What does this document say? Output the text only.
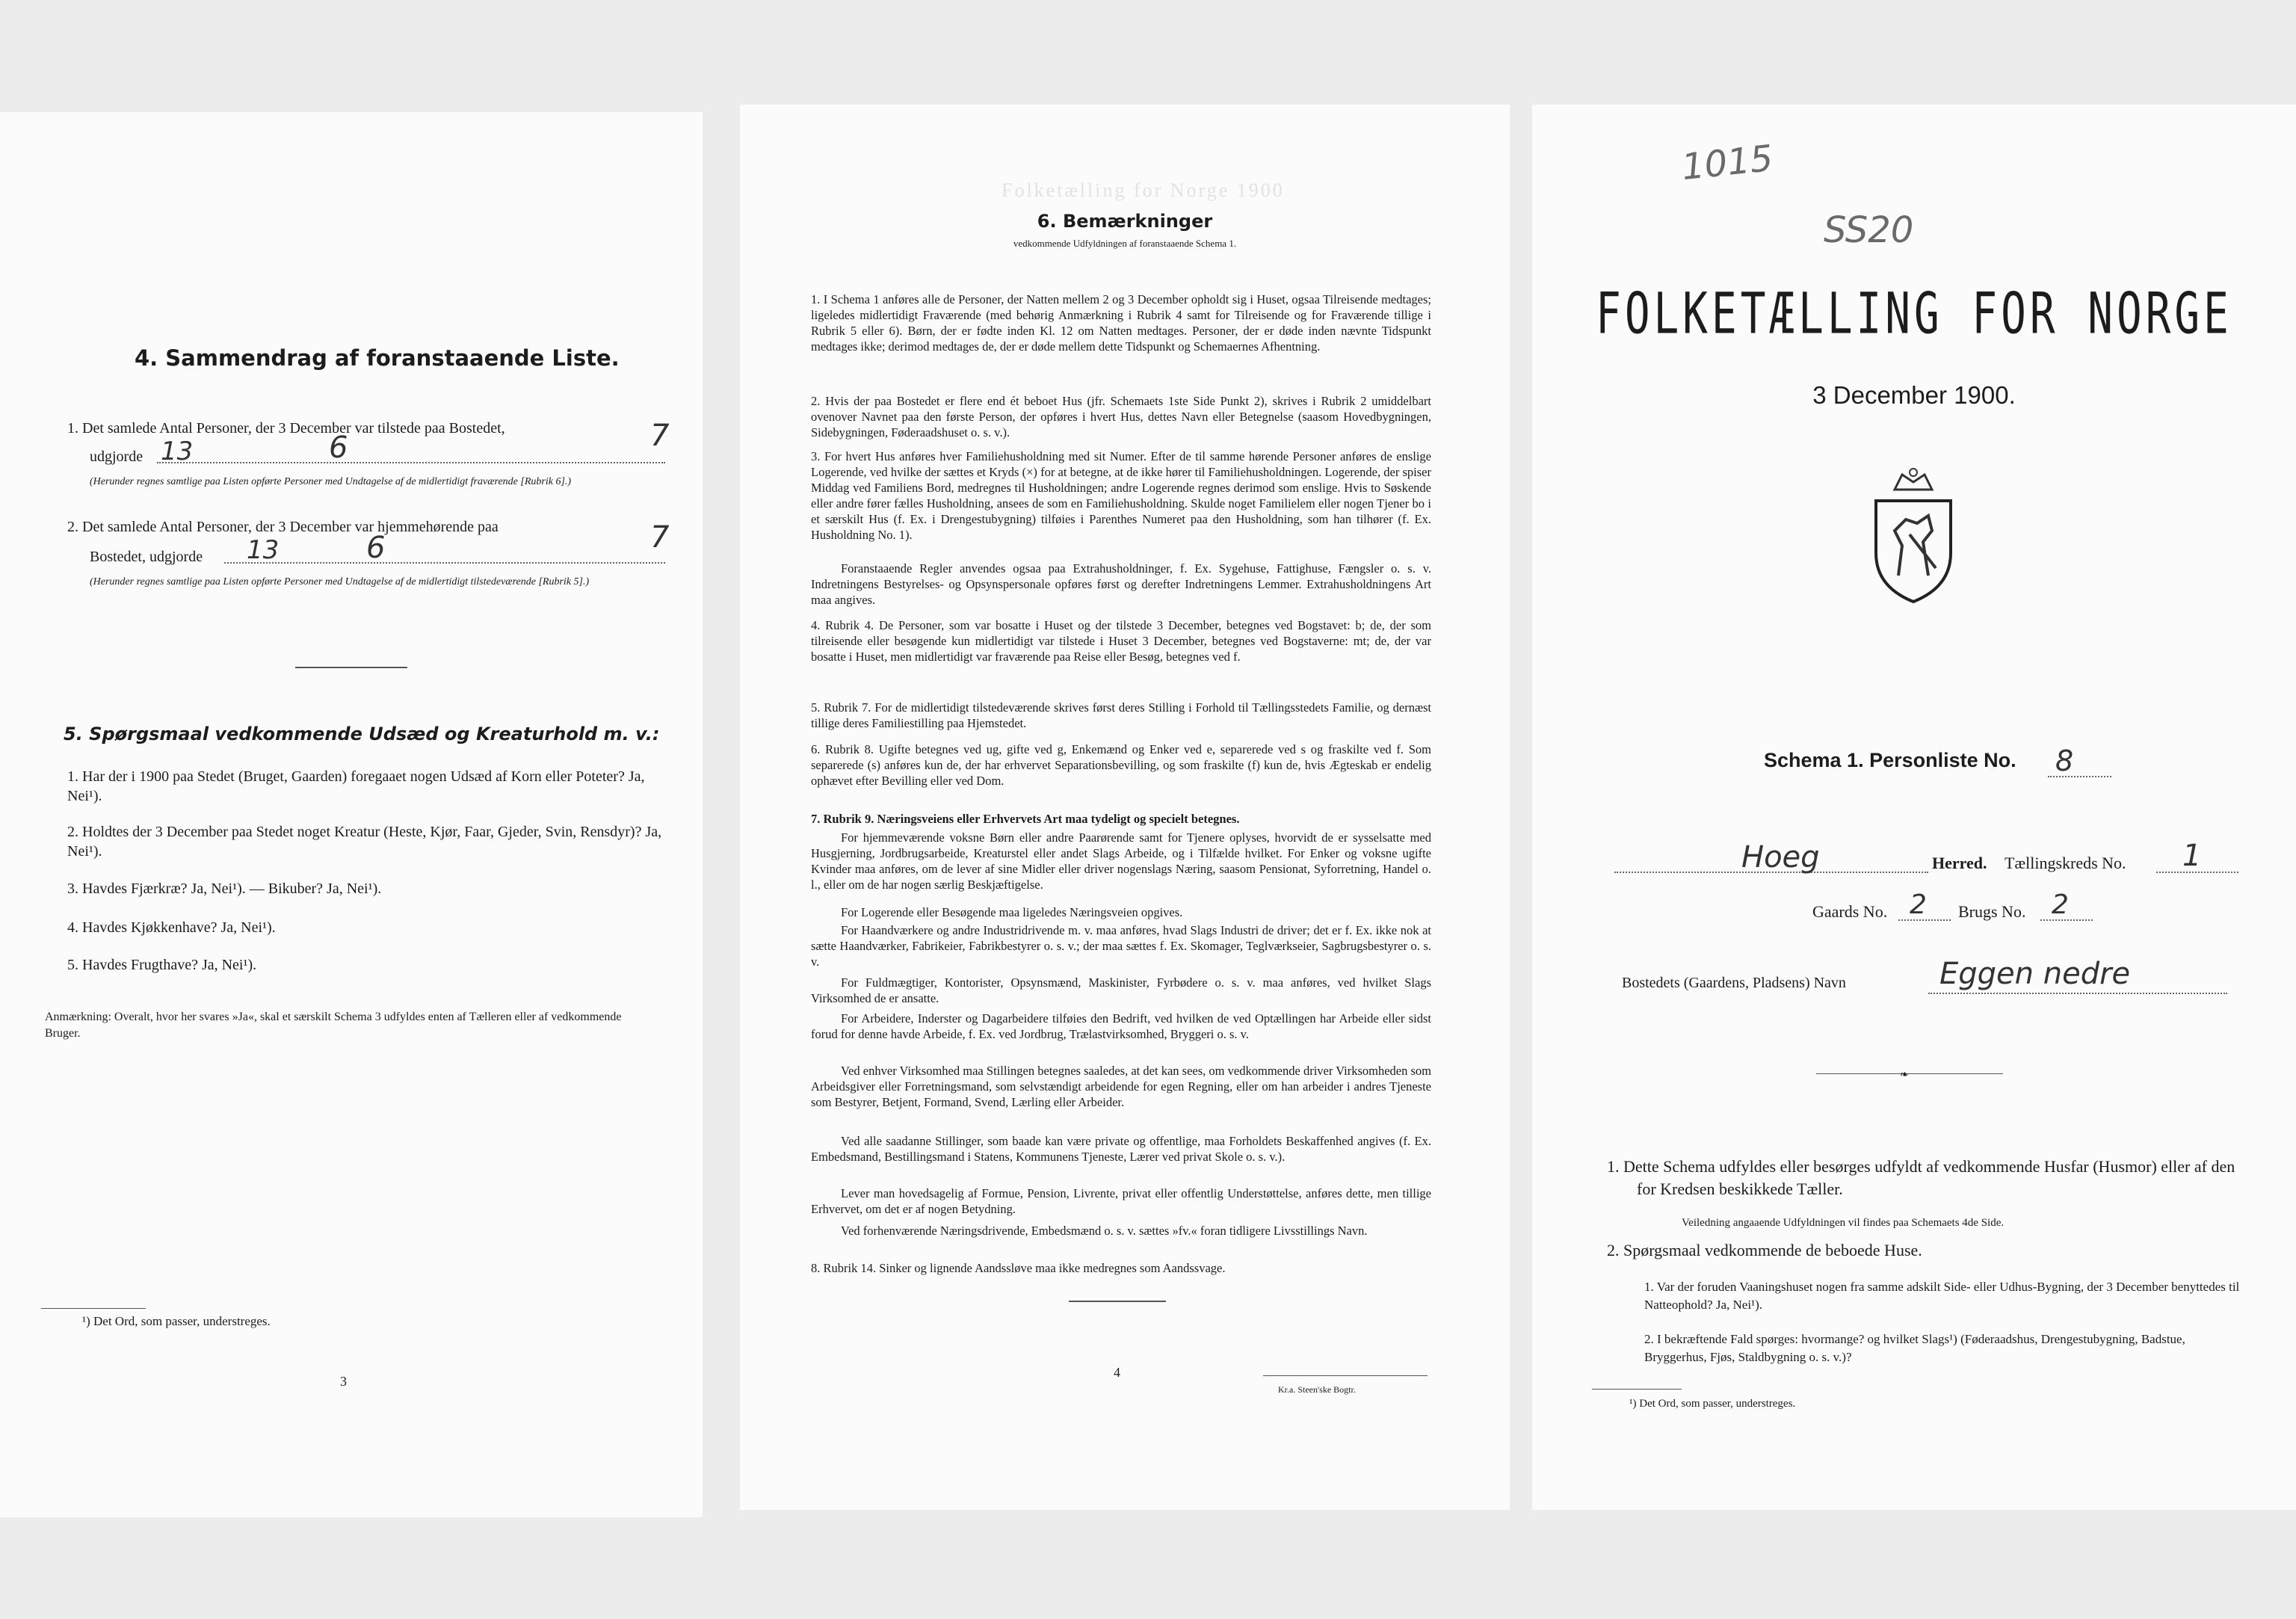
4. Sammendrag af foranstaaende Liste.
1. Det samlede Antal Personer, der 3 December var tilstede paa Bostedet,
udgjorde 13	6	7
(Herunder regnes samtlige paa Listen opførte Personer med Undtagelse af de midlertidigt fraværende [Rubrik 6].)
2. Det samlede Antal Personer, der 3 December var hjemmehørende paa
Bostedet, udgjorde 13	6	7
(Herunder regnes samtlige paa Listen opførte Personer med Undtagelse af de midlertidigt tilstedeværende [Rubrik 5].)
5. Spørgsmaal vedkommende Udsæd og Kreaturhold m. v.:
1. Har der i 1900 paa Stedet (Bruget, Gaarden) foregaaet nogen Udsæd af Korn eller Poteter? Ja, Nei¹).
2. Holdtes der 3 December paa Stedet noget Kreatur (Heste, Kjør, Faar, Gjeder, Svin, Rensdyr)? Ja, Nei¹).
3. Havdes Fjærkræ? Ja, Nei¹). — Bikuber? Ja, Nei¹).
4. Havdes Kjøkkenhave? Ja, Nei¹).
5. Havdes Frugthave? Ja, Nei¹).
Anmærkning: Overalt, hvor her svares »Ja«, skal et særskilt Schema 3 udfyldes enten af Tælleren eller af vedkommende Bruger.
¹) Det Ord, som passer, understreges.
3
Folketælling for Norge 1900
6. Bemærkninger
vedkommende Udfyldningen af foranstaaende Schema 1.
1. I Schema 1 anføres alle de Personer, der Natten mellem 2 og 3 December opholdt sig i Huset, ogsaa Tilreisende medtages; ligeledes midlertidigt Fraværende (med behørig Anmærkning i Rubrik 4 samt for Tilreisende og for Fraværende tillige i Rubrik 5 eller 6). Børn, der er fødte inden Kl. 12 om Natten medtages. Personer, der er døde inden nævnte Tidspunkt medtages ikke; derimod medtages de, der er døde mellem dette Tidspunkt og Schemaernes Afhentning.
2. Hvis der paa Bostedet er flere end ét beboet Hus (jfr. Schemaets 1ste Side Punkt 2), skrives i Rubrik 2 umiddelbart ovenover Navnet paa den første Person, der opføres i hvert Hus, dettes Navn eller Betegnelse (saasom Hovedbygningen, Sidebygningen, Føderaadshuset o. s. v.).
3. For hvert Hus anføres hver Familiehusholdning med sit Numer. Efter de til samme hørende Personer anføres de enslige Logerende, ved hvilke der sættes et Kryds (×) for at betegne, at de ikke hører til Familiehusholdningen. Logerende, der spiser Middag ved Familiens Bord, medregnes til Husholdningen; andre Logerende regnes derimod som enslige. Hvis to Søskende eller andre fører fælles Husholdning, ansees de som en Familiehusholdning. Skulde noget Familielem eller nogen Tjener bo i et særskilt Hus (f. Ex. i Drengestubygning) tilføies i Parenthes Numeret paa den Husholdning, som han tilhører (f. Ex. Husholdning No. 1).
Foranstaaende Regler anvendes ogsaa paa Extrahusholdninger, f. Ex. Sygehuse, Fattighuse, Fængsler o. s. v. Indretningens Bestyrelses- og Opsynspersonale opføres først og derefter Indretningens Lemmer. Extrahusholdningens Art maa angives.
4. Rubrik 4. De Personer, som var bosatte i Huset og der tilstede 3 December, betegnes ved Bogstavet: b; de, der som tilreisende eller besøgende kun midlertidigt var tilstede i Huset 3 December, betegnes ved Bogstaverne: mt; de, der var bosatte i Huset, men midlertidigt var fraværende paa Reise eller Besøg, betegnes ved f.
5. Rubrik 7. For de midlertidigt tilstedeværende skrives først deres Stilling i Forhold til Tællingsstedets Familie, og dernæst tillige deres Familiestilling paa Hjemstedet.
6. Rubrik 8. Ugifte betegnes ved ug, gifte ved g, Enkemænd og Enker ved e, separerede ved s og fraskilte ved f. Som separerede (s) anføres kun de, der har erhvervet Separationsbevilling, og som fraskilte (f) kun de, hvis Ægteskab er endelig ophævet efter Bevilling eller ved Dom.
7. Rubrik 9. Næringsveiens eller Erhvervets Art maa tydeligt og specielt betegnes.
For hjemmeværende voksne Børn eller andre Paarørende samt for Tjenere oplyses, hvorvidt de er sysselsatte med Husgjerning, Jordbrugsarbeide, Kreaturstel eller andet Slags Arbeide, og i Tilfælde hvilket. For Enker og voksne ugifte Kvinder maa anføres, om de lever af sine Midler eller driver nogenslags Næring, saasom Pensionat, Syforretning, Handel o. l., eller om de har nogen særlig Beskjæftigelse.
For Logerende eller Besøgende maa ligeledes Næringsveien opgives.
For Haandværkere og andre Industridrivende m. v. maa anføres, hvad Slags Industri de driver; det er f. Ex. ikke nok at sætte Haandværker, Fabrikeier, Fabrikbestyrer o. s. v.; der maa sættes f. Ex. Skomager, Teglværkseier, Sagbrugsbestyrer o. s. v.
For Fuldmægtiger, Kontorister, Opsynsmænd, Maskinister, Fyrbødere o. s. v. maa anføres, ved hvilket Slags Virksomhed de er ansatte.
For Arbeidere, Inderster og Dagarbeidere tilføies den Bedrift, ved hvilken de ved Optællingen har Arbeide eller sidst forud for denne havde Arbeide, f. Ex. ved Jordbrug, Trælastvirksomhed, Bryggeri o. s. v.
Ved enhver Virksomhed maa Stillingen betegnes saaledes, at det kan sees, om vedkommende driver Virksomheden som Arbeidsgiver eller Forretningsmand, som selvstændigt arbeidende for egen Regning, eller om han arbeider i andres Tjeneste som Bestyrer, Betjent, Formand, Svend, Lærling eller Arbeider.
Ved alle saadanne Stillinger, som baade kan være private og offentlige, maa Forholdets Beskaffenhed angives (f. Ex. Embedsmand, Bestillingsmand i Statens, Kommunens Tjeneste, Lærer ved privat Skole o. s. v.).
Lever man hovedsagelig af Formue, Pension, Livrente, privat eller offentlig Understøttelse, anføres dette, men tillige Erhvervet, om det er af nogen Betydning.
Ved forhenværende Næringsdrivende, Embedsmænd o. s. v. sættes »fv.« foran tidligere Livsstillings Navn.
8. Rubrik 14. Sinker og lignende Aandssløve maa ikke medregnes som Aandssvage.
4
Kr.a. Steen'ske Bogtr.
1015
SS20
FOLKETÆLLING FOR NORGE
3 December 1900.
Schema 1. Personliste No. 8
Hoeg	Herred. Tællingskreds No. 1
Gaards No. 2 Brugs No. 2
Bostedets (Gaardens, Pladsens) Navn	Eggen nedre
❧
1. Dette Schema udfyldes eller besørges udfyldt af vedkommende Husfar (Husmor) eller af den for Kredsen beskikkede Tæller.
Veiledning angaaende Udfyldningen vil findes paa Schemaets 4de Side.
2. Spørgsmaal vedkommende de beboede Huse.
1. Var der foruden Vaaningshuset nogen fra samme adskilt Side- eller Udhus-Bygning, der 3 December benyttedes til Natteophold? Ja, Nei¹).
2. I bekræftende Fald spørges: hvormange? og hvilket Slags¹) (Føderaadshus, Drengestubygning, Badstue, Bryggerhus, Fjøs, Staldbygning o. s. v.)?
¹) Det Ord, som passer, understreges.
